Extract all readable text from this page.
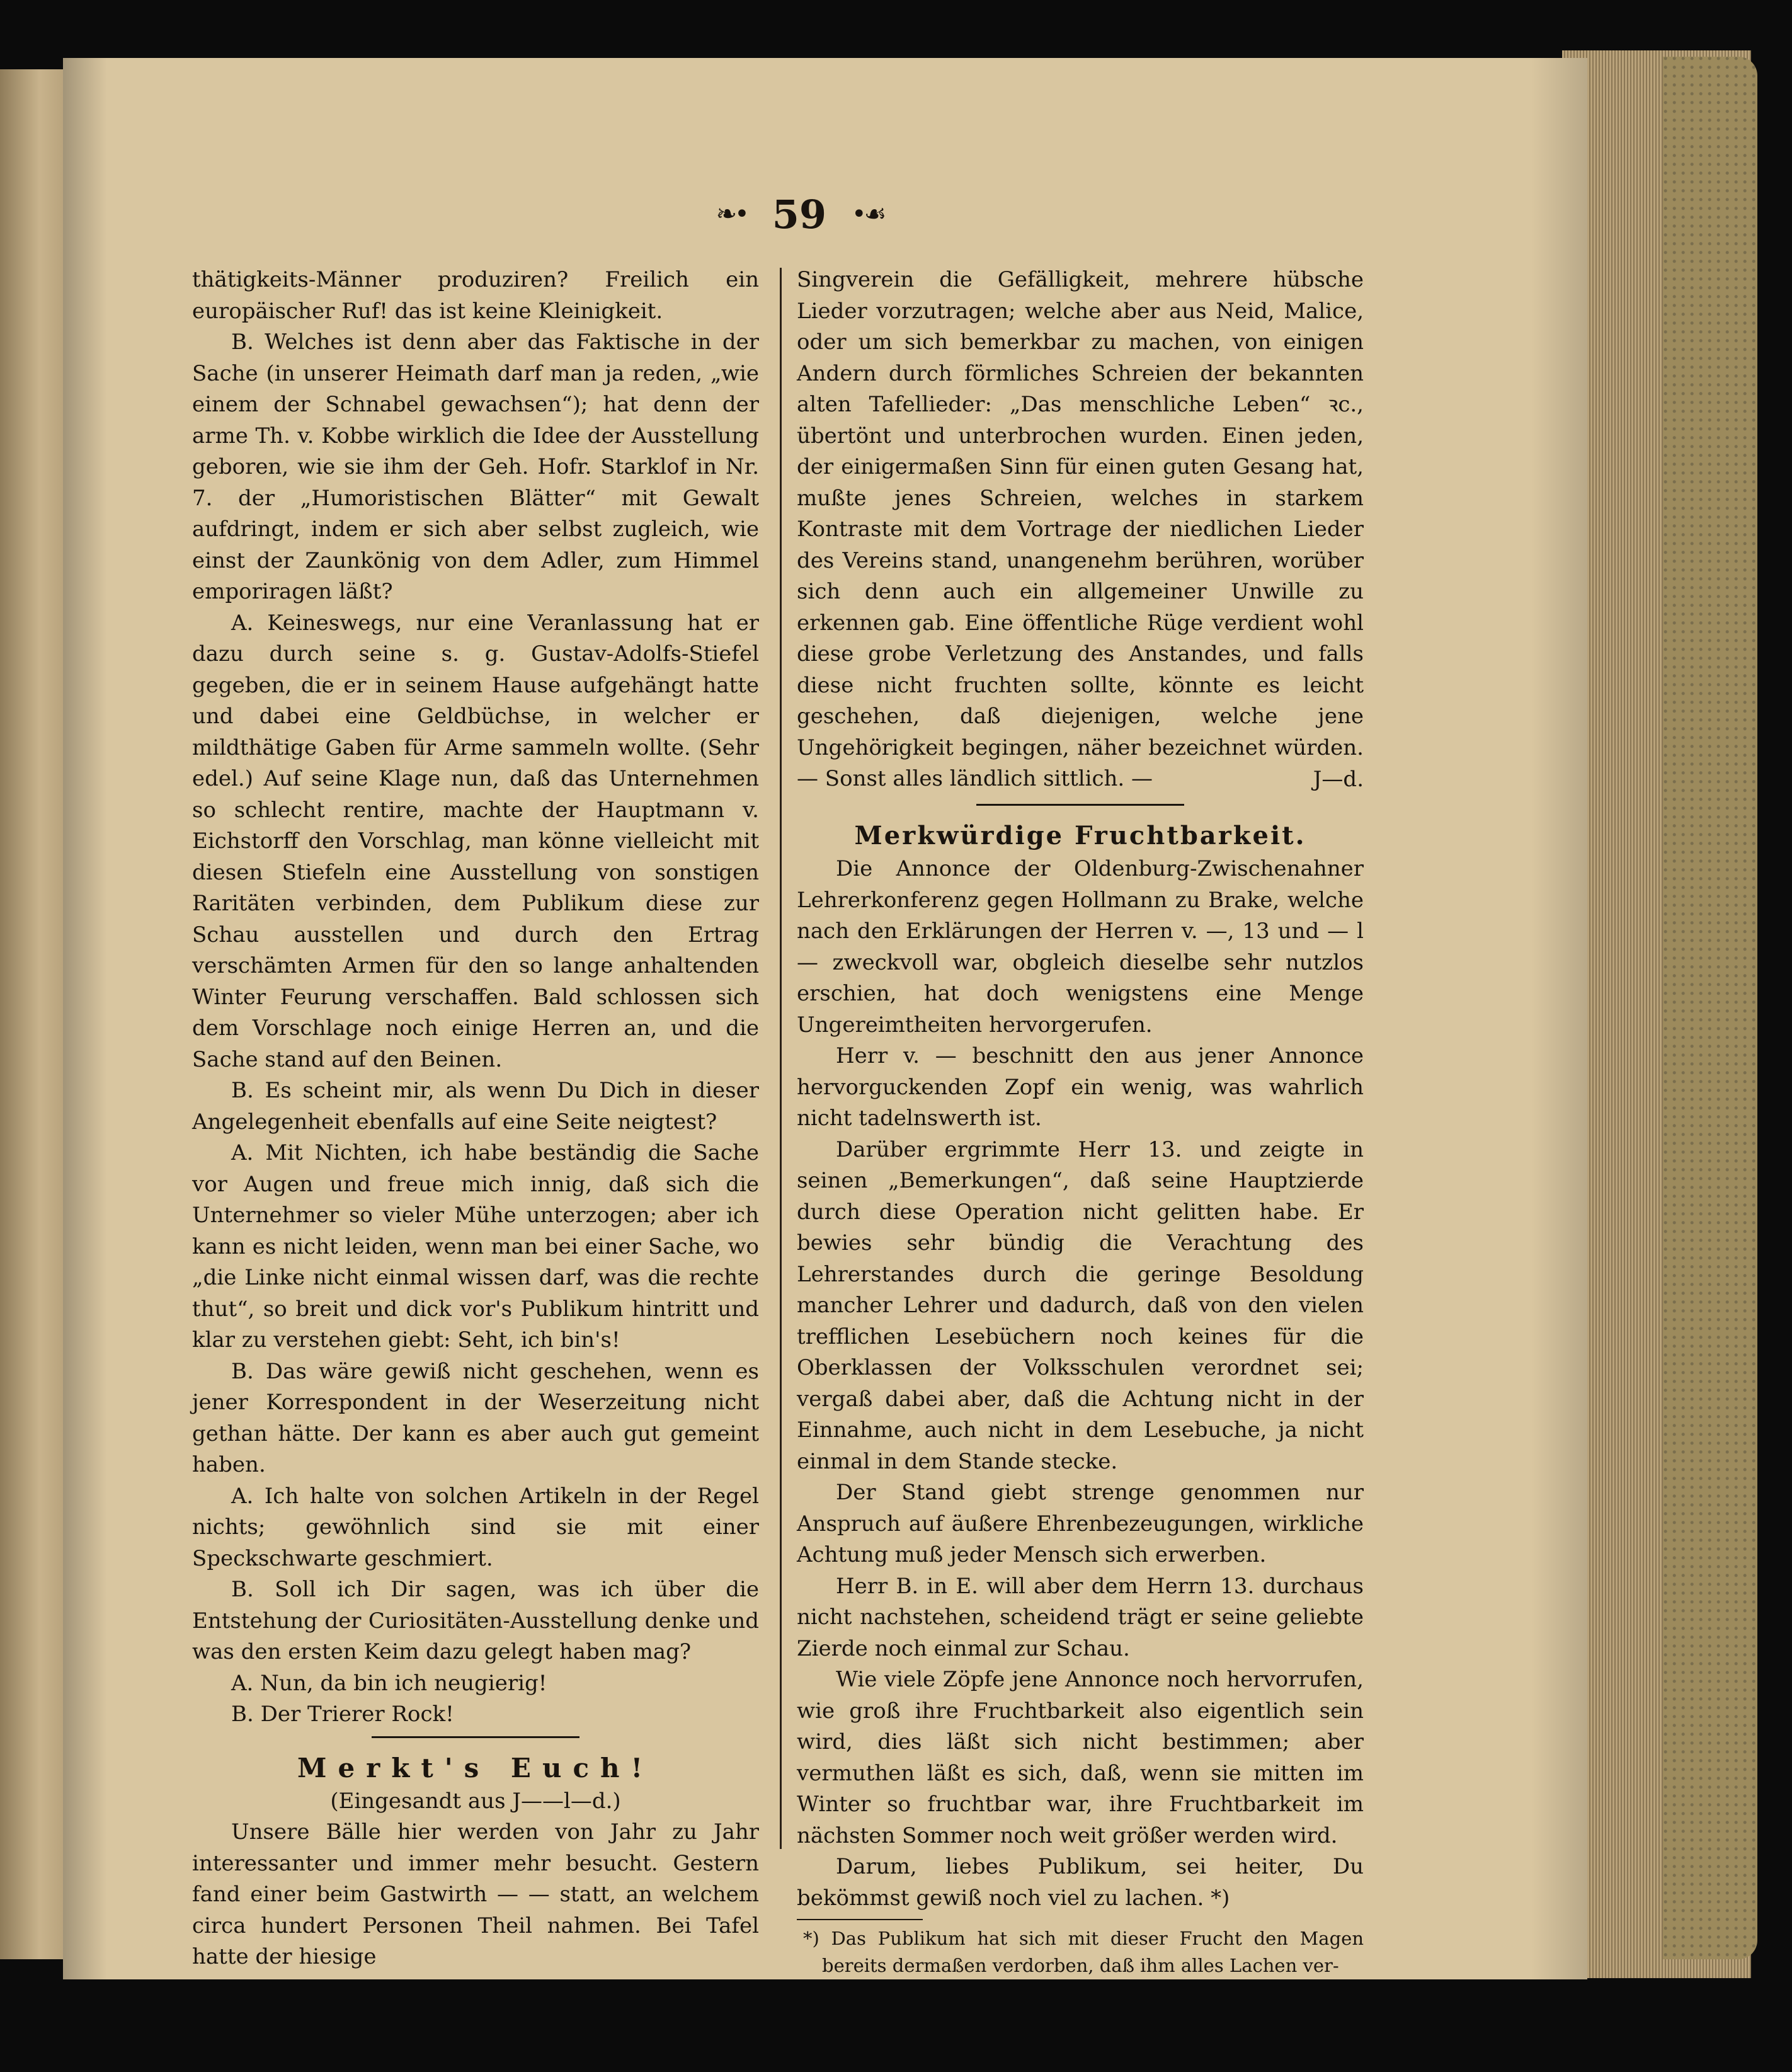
❧• 59 •☙

thätigkeits-Männer produziren? Freilich ein europäischer Ruf! das ist keine Kleinigkeit.

B. Welches ist denn aber das Faktische in der Sache (in unserer Heimath darf man ja reden, „wie einem der Schnabel gewachsen“); hat denn der arme Th. v. Kobbe wirklich die Idee der Ausstellung geboren, wie sie ihm der Geh. Hofr. Starklof in Nr. 7. der „Humoristischen Blätter“ mit Gewalt aufdringt, indem er sich aber selbst zugleich, wie einst der Zaunkönig von dem Adler, zum Himmel emporiragen läßt?

A. Keineswegs, nur eine Veranlassung hat er dazu durch seine s. g. Gustav-Adolfs-Stiefel gegeben, die er in seinem Hause aufgehängt hatte und dabei eine Geldbüchse, in welcher er mildthätige Gaben für Arme sammeln wollte. (Sehr edel.) Auf seine Klage nun, daß das Unternehmen so schlecht rentire, machte der Hauptmann v. Eichstorff den Vorschlag, man könne vielleicht mit diesen Stiefeln eine Ausstellung von sonstigen Raritäten verbinden, dem Publikum diese zur Schau ausstellen und durch den Ertrag verschämten Armen für den so lange anhaltenden Winter Feurung verschaffen. Bald schlossen sich dem Vorschlage noch einige Herren an, und die Sache stand auf den Beinen.

B. Es scheint mir, als wenn Du Dich in dieser Angelegenheit ebenfalls auf eine Seite neigtest?

A. Mit Nichten, ich habe beständig die Sache vor Augen und freue mich innig, daß sich die Unternehmer so vieler Mühe unterzogen; aber ich kann es nicht leiden, wenn man bei einer Sache, wo „die Linke nicht einmal wissen darf, was die rechte thut“, so breit und dick vor's Publikum hintritt und klar zu verstehen giebt: Seht, ich bin's!

B. Das wäre gewiß nicht geschehen, wenn es jener Korrespondent in der Weserzeitung nicht gethan hätte. Der kann es aber auch gut gemeint haben.

A. Ich halte von solchen Artikeln in der Regel nichts; gewöhnlich sind sie mit einer Speckschwarte geschmiert.

B. Soll ich Dir sagen, was ich über die Entstehung der Curiositäten-Ausstellung denke und was den ersten Keim dazu gelegt haben mag?

A. Nun, da bin ich neugierig!

B. Der Trierer Rock!

Merkt's Euch!

(Eingesandt aus J——l—d.)

Unsere Bälle hier werden von Jahr zu Jahr interessanter und immer mehr besucht. Gestern fand einer beim Gastwirth — — statt, an welchem circa hundert Personen Theil nahmen. Bei Tafel hatte der hiesige

Singverein die Gefälligkeit, mehrere hübsche Lieder vorzutragen; welche aber aus Neid, Malice, oder um sich bemerkbar zu machen, von einigen Andern durch förmliches Schreien der bekannten alten Tafellieder: „Das menschliche Leben“ ꝛc., übertönt und unterbrochen wurden. Einen jeden, der einigermaßen Sinn für einen guten Gesang hat, mußte jenes Schreien, welches in starkem Kontraste mit dem Vortrage der niedlichen Lieder des Vereins stand, unangenehm berühren, worüber sich denn auch ein allgemeiner Unwille zu erkennen gab. Eine öffentliche Rüge verdient wohl diese grobe Verletzung des Anstandes, und falls diese nicht fruchten sollte, könnte es leicht geschehen, daß diejenigen, welche jene Ungehörigkeit begingen, näher bezeichnet würden. — Sonst alles ländlich sittlich. —	J—d.

Merkwürdige Fruchtbarkeit.

Die Annonce der Oldenburg-Zwischenahner Lehrerkonferenz gegen Hollmann zu Brake, welche nach den Erklärungen der Herren v. —, 13 und — l — zweckvoll war, obgleich dieselbe sehr nutzlos erschien, hat doch wenigstens eine Menge Ungereimtheiten hervorgerufen.

Herr v. — beschnitt den aus jener Annonce hervorguckenden Zopf ein wenig, was wahrlich nicht tadelnswerth ist.

Darüber ergrimmte Herr 13. und zeigte in seinen „Bemerkungen“, daß seine Hauptzierde durch diese Operation nicht gelitten habe. Er bewies sehr bündig die Verachtung des Lehrerstandes durch die geringe Besoldung mancher Lehrer und dadurch, daß von den vielen trefflichen Lesebüchern noch keines für die Oberklassen der Volksschulen verordnet sei; vergaß dabei aber, daß die Achtung nicht in der Einnahme, auch nicht in dem Lesebuche, ja nicht einmal in dem Stande stecke.

Der Stand giebt strenge genommen nur Anspruch auf äußere Ehrenbezeugungen, wirkliche Achtung muß jeder Mensch sich erwerben.

Herr B. in E. will aber dem Herrn 13. durchaus nicht nachstehen, scheidend trägt er seine geliebte Zierde noch einmal zur Schau.

Wie viele Zöpfe jene Annonce noch hervorrufen, wie groß ihre Fruchtbarkeit also eigentlich sein wird, dies läßt sich nicht bestimmen; aber vermuthen läßt es sich, daß, wenn sie mitten im Winter so fruchtbar war, ihre Fruchtbarkeit im nächsten Sommer noch weit größer werden wird.

Darum, liebes Publikum, sei heiter, Du bekömmst gewiß noch viel zu lachen. *)

*) Das Publikum hat sich mit dieser Frucht den Magen bereits dermaßen verdorben, daß ihm alles Lachen ver-
